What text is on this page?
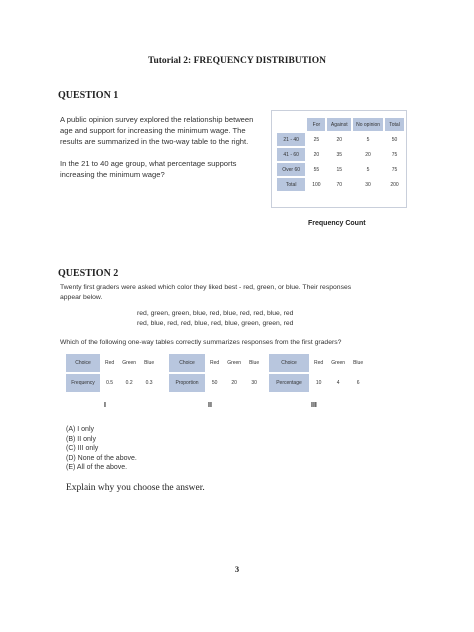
Tutorial 2: FREQUENCY DISTRIBUTION
QUESTION 1
A public opinion survey explored the relationship between
age and support for increasing the minimum wage. The
results are summarized in the two-way table to the right.
In the 21 to 40 age group, what percentage supports
increasing the minimum wage?
	For	Against	No opinion	Total
21 - 40	25	20	5	50
41 - 60	20	35	20	75
Over 60	55	15	5	75
Total	100	70	30	200
Frequency Count
QUESTION 2
Twenty first graders were asked which color they liked best - red, green, or blue. Their responses
appear below.
red, green, green, blue, red, blue, red, red, blue, red
red, blue, red, red, blue, red, blue, green, green, red
Which of the following one-way tables correctly summarizes responses from the first graders?
Choice	Red	Green	Blue
Frequency	0.5	0.2	0.3
Choice	Red	Green	Blue
Proportion	50	20	30
Choice	Red	Green	Blue
Percentage	10	4	6
I	II	III
(A) I only
(B) II only
(C) III only
(D) None of the above.
(E) All of the above.
Explain why you choose the answer.
3
